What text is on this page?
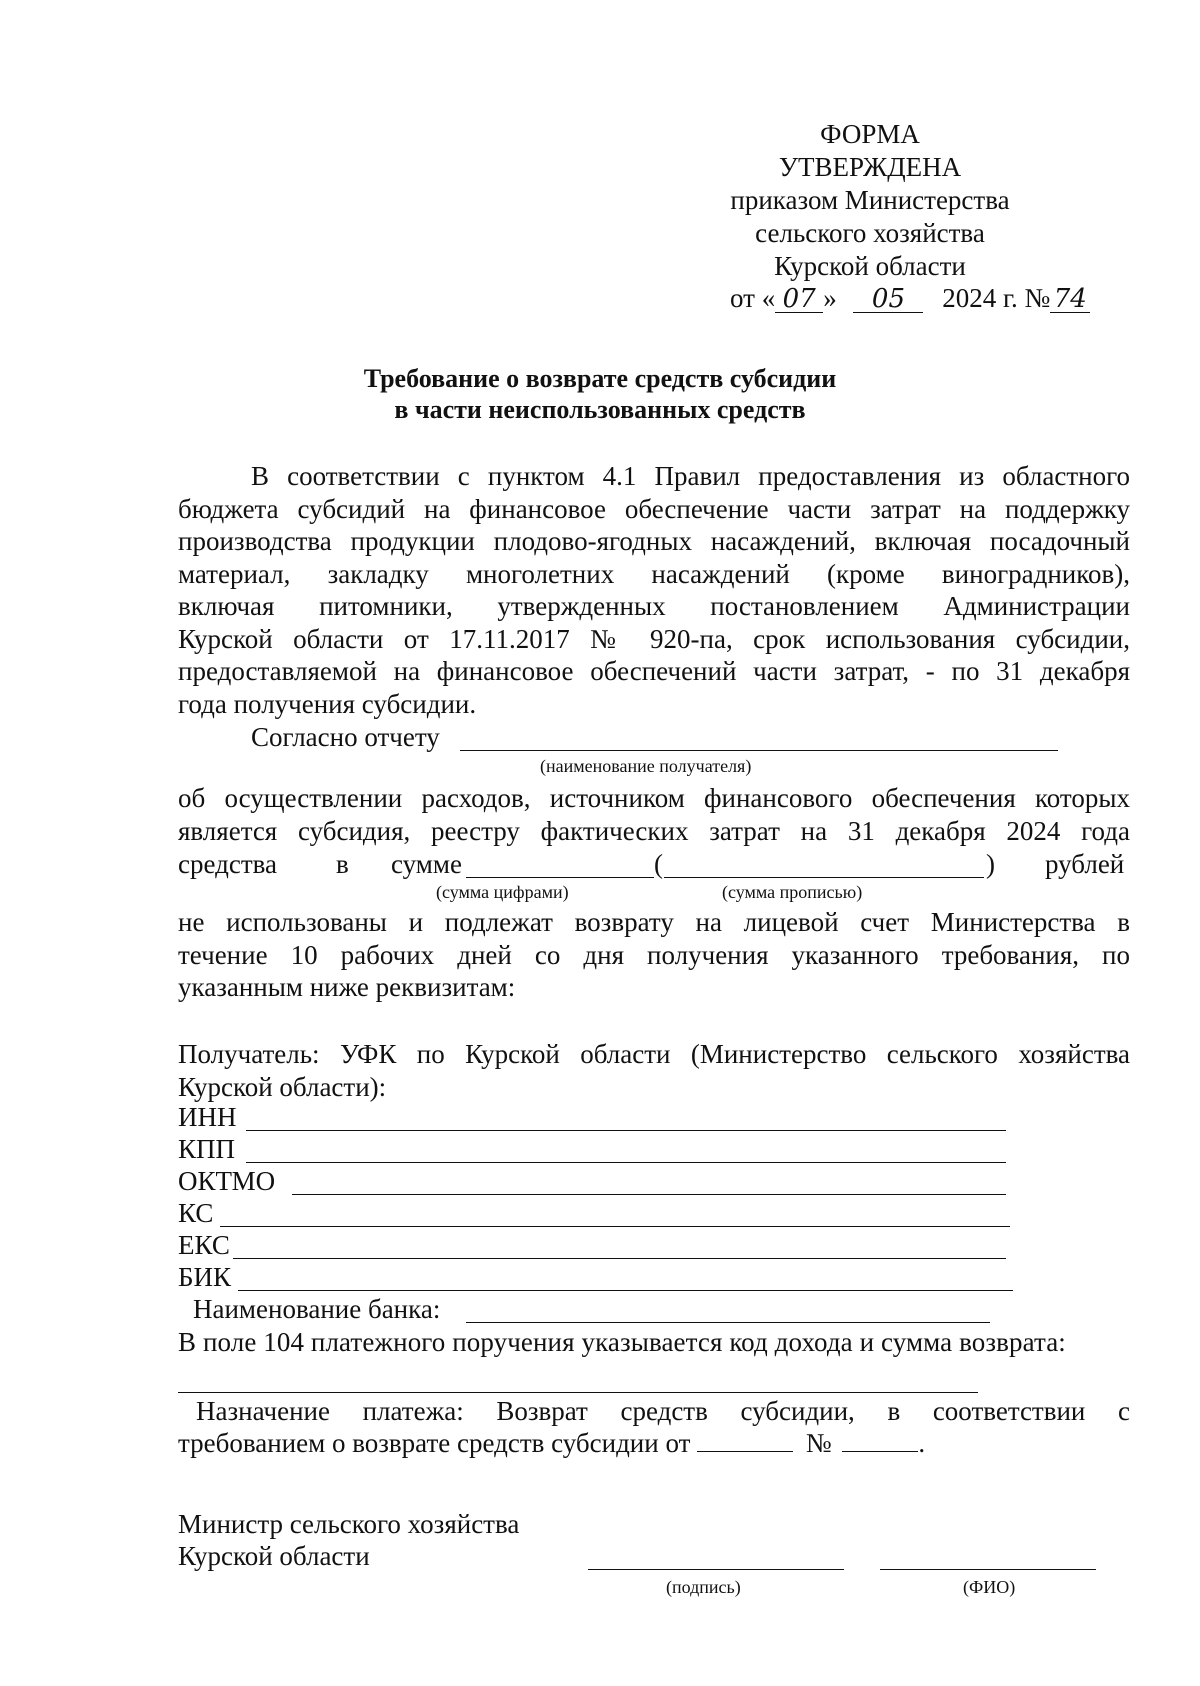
ФОРМА
УТВЕРЖДЕНА
приказом Министерства
сельского хозяйства
Курской области
от « 07 » 05 2024 г. № 74
Требование о возврате средств субсидии
в части неиспользованных средств
В соответствии с пунктом 4.1 Правил предоставления из областного
бюджета субсидий на финансовое обеспечение части затрат на поддержку
производства продукции плодово-ягодных насаждений, включая посадочный
материал, закладку многолетних насаждений (кроме виноградников),
включая питомники, утвержденных постановлением Администрации
Курской области от 17.11.2017 № 920-па, срок использования субсидии,
предоставляемой на финансовое обеспечений части затрат, - по 31 декабря
года получения субсидии.
Согласно отчету
(наименование получателя)
об осуществлении расходов, источником финансового обеспечения которых
является субсидия, реестру фактических затрат на 31 декабря 2024 года
средства в сумме	(	) рублей
(сумма цифрами)	(сумма прописью)
не использованы и подлежат возврату на лицевой счет Министерства в
течение 10 рабочих дней со дня получения указанного требования, по
указанным ниже реквизитам:
Получатель: УФК по Курской области (Министерство сельского хозяйства
Курской области):
ИНН
КПП
ОКТМО
КС
ЕКС
БИК
Наименование банка:
В поле 104 платежного поручения указывается код дохода и сумма возврата:
Назначение платежа: Возврат средств субсидии, в соответствии с
требованием о возврате средств субсидии от	№	.
Министр сельского хозяйства
Курской области
(подпись)	(ФИО)
